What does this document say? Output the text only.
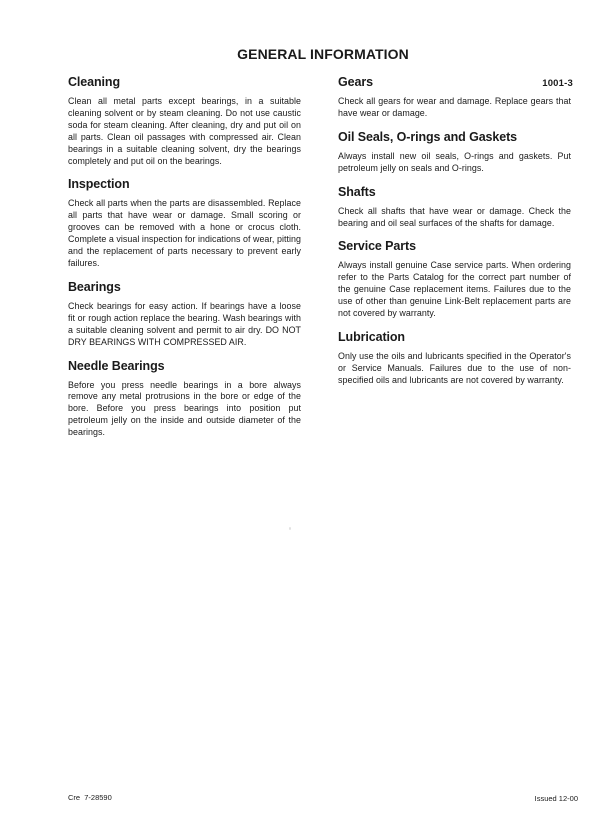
1001-3
GENERAL INFORMATION
Cleaning

Clean all metal parts except bearings, in a suitable cleaning solvent or by steam cleaning. Do not use caustic soda for steam cleaning. After cleaning, dry and put oil on all parts. Clean oil passages with compressed air. Clean bearings in a suitable cleaning solvent, dry the bearings completely and put oil on the bearings.

Inspection

Check all parts when the parts are disassembled. Replace all parts that have wear or damage. Small scoring or grooves can be removed with a hone or crocus cloth. Complete a visual inspection for indications of wear, pitting and the replacement of parts necessary to prevent early failures.

Bearings

Check bearings for easy action. If bearings have a loose fit or rough action replace the bearing. Wash bearings with a suitable cleaning solvent and permit to air dry. DO NOT DRY BEARINGS WITH COMPRESSED AIR.

Needle Bearings

Before you press needle bearings in a bore always remove any metal protrusions in the bore or edge of the bore. Before you press bearings into position put petroleum jelly on the inside and outside diameter of the bearings.

Gears

Check all gears for wear and damage. Replace gears that have wear or damage.

Oil Seals, O-rings and Gaskets

Always install new oil seals, O-rings and gaskets. Put petroleum jelly on seals and O-rings.

Shafts

Check all shafts that have wear or damage. Check the bearing and oil seal surfaces of the shafts for damage.

Service Parts

Always install genuine Case service parts. When ordering refer to the Parts Catalog for the correct part number of the genuine Case replacement items. Failures due to the use of other than genuine Link-Belt replacement parts are not covered by warranty.

Lubrication

Only use the oils and lubricants specified in the Operator's or Service Manuals. Failures due to the use of non-specified oils and lubricants are not covered by warranty.

Cre  7-28590	Issued 12-00
